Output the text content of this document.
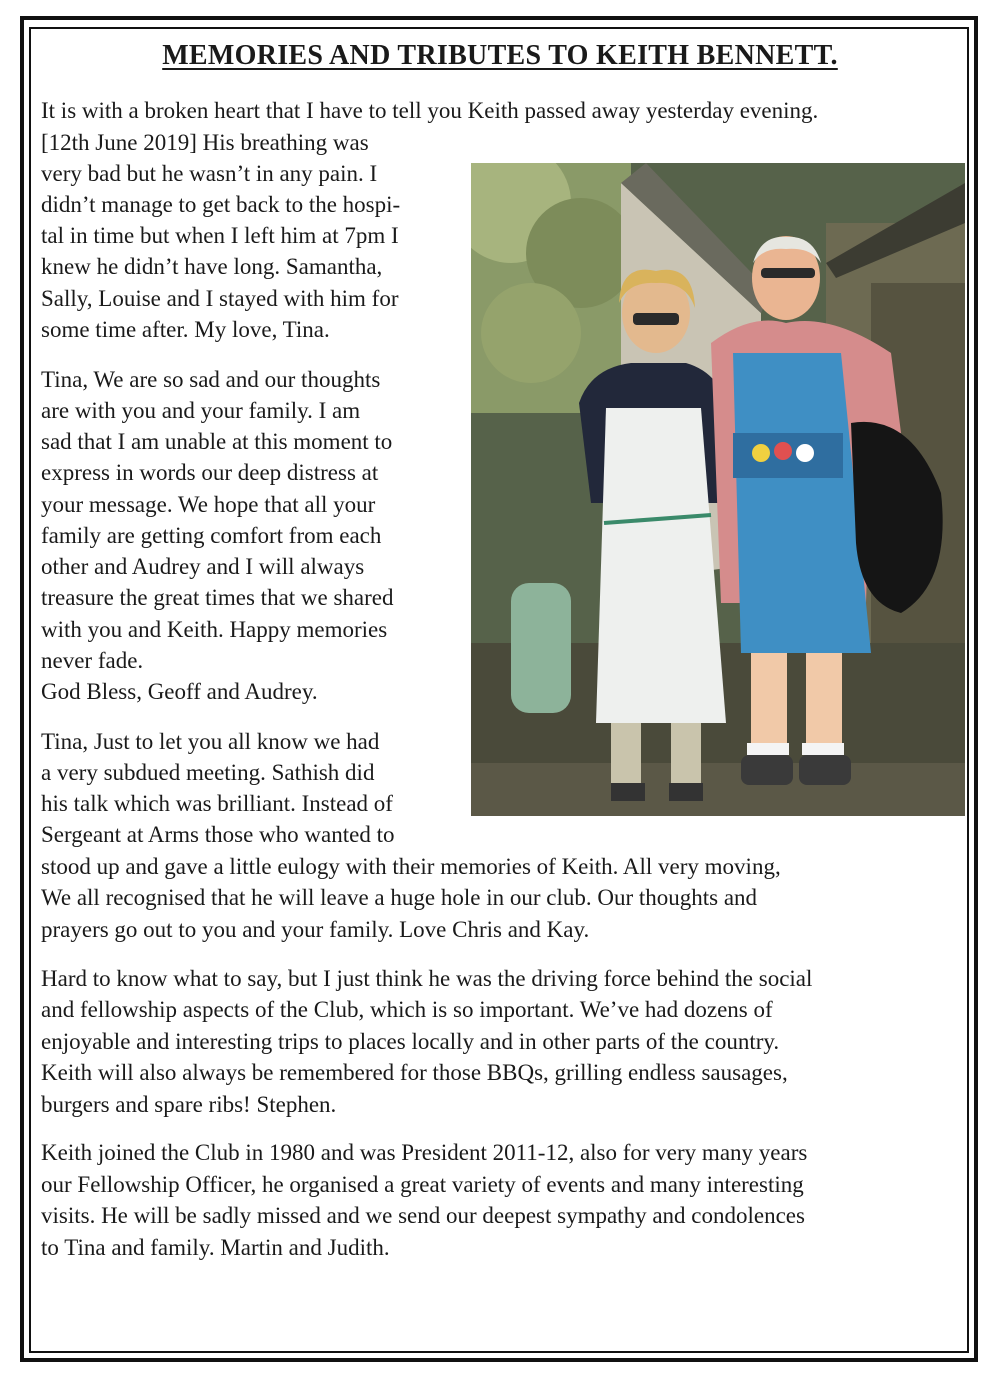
MEMORIES AND TRIBUTES TO KEITH BENNETT.
It is with a broken heart that I have to tell you Keith passed away yesterday evening.
[12th June 2019] His breathing was
very bad but he wasn’t in any pain. I
didn’t manage to get back to the hospi-
tal in time but when I left him at 7pm I
knew he didn’t have long. Samantha,
Sally, Louise and I stayed with him for
some time after. My love, Tina.
Tina, We are so sad and our thoughts
are with you and your family. I am
sad that I am unable at this moment to
express in words our deep distress at
your message. We hope that all your
family are getting comfort from each
other and Audrey and I will always
treasure the great times that we shared
with you and Keith. Happy memories
never fade.
God Bless, Geoff and Audrey.
Tina, Just to let you all know we had
a very subdued meeting. Sathish did
his talk which was brilliant. Instead of
Sergeant at Arms those who wanted to
stood up and gave a little eulogy with their memories of Keith. All very moving,
We all recognised that he will leave a huge hole in our club. Our thoughts and
prayers go out to you and your family. Love Chris and Kay.
Hard to know what to say, but I just think he was the driving force behind the social
and fellowship aspects of the Club, which is so important. We’ve had dozens of
enjoyable and interesting trips to places locally and in other parts of the country.
Keith will also always be remembered for those BBQs, grilling endless sausages,
burgers and spare ribs! Stephen.
Keith joined the Club in 1980 and was President 2011-12, also for very many years
our Fellowship Officer, he organised a great variety of events and many interesting
visits. He will be sadly missed and we send our deepest sympathy and condolences
to Tina and family. Martin and Judith.
